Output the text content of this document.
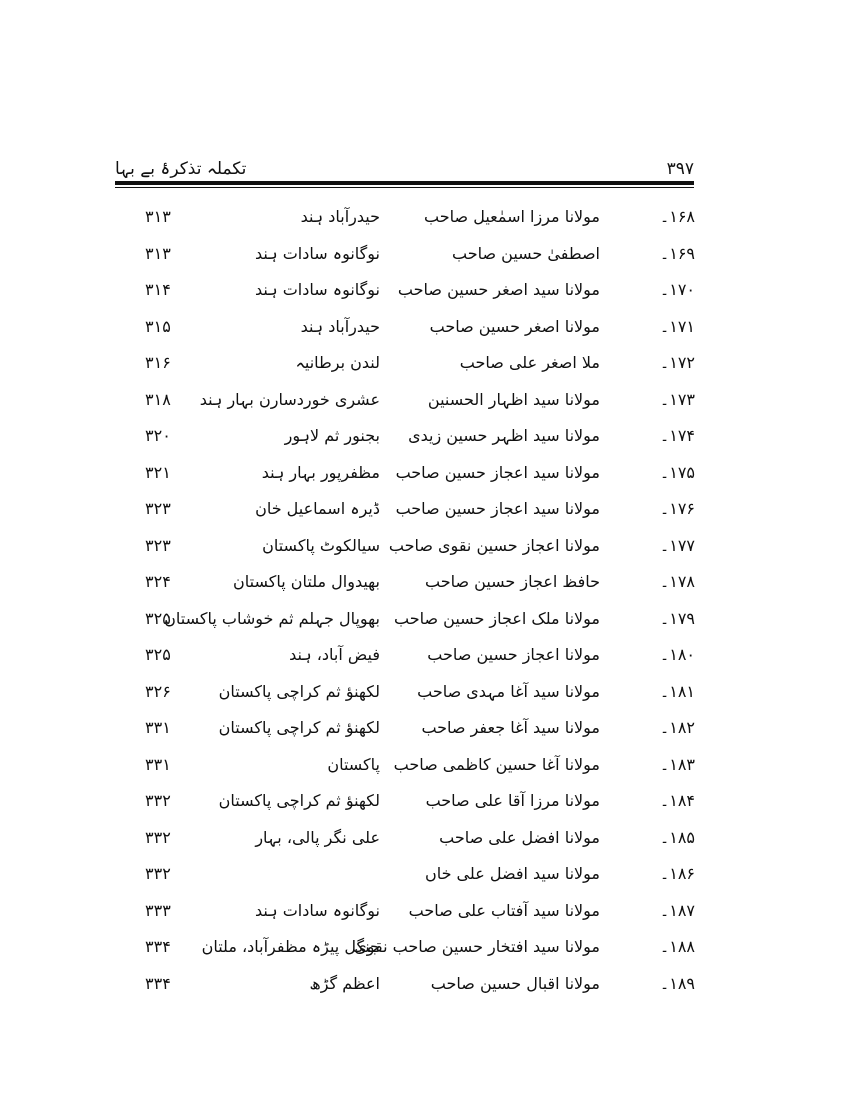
تکملہ تذکرۂ بے بہا	۳۹۷
۱۶۸۔
مولانا مرزا اسمٰعیل صاحب
حیدرآباد ہند
۳۱۳
۱۶۹۔
اصطفیٰ حسین صاحب
نوگانوہ سادات ہند
۳۱۳
۱۷۰۔
مولانا سید اصغر حسین صاحب
نوگانوہ سادات ہند
۳۱۴
۱۷۱۔
مولانا اصغر حسین صاحب
حیدرآباد ہند
۳۱۵
۱۷۲۔
ملا اصغر علی صاحب
لندن برطانیہ
۳۱۶
۱۷۳۔
مولانا سید اظہار الحسنین
عشری خوردسارن بہار ہند
۳۱۸
۱۷۴۔
مولانا سید اظہر حسین زیدی
بجنور ثم لاہور
۳۲۰
۱۷۵۔
مولانا سید اعجاز حسین صاحب
مظفرپور بہار ہند
۳۲۱
۱۷۶۔
مولانا سید اعجاز حسین صاحب
ڈیرہ اسماعیل خان
۳۲۳
۱۷۷۔
مولانا اعجاز حسین نقوی صاحب
سیالکوٹ پاکستان
۳۲۳
۱۷۸۔
حافظ اعجاز حسین صاحب
بھیدوال ملتان پاکستان
۳۲۴
۱۷۹۔
مولانا ملک اعجاز حسین صاحب
بھوپال جہلم ثم خوشاب پاکستان
۳۲۵
۱۸۰۔
مولانا اعجاز حسین صاحب
فیض آباد، ہند
۳۲۵
۱۸۱۔
مولانا سید آغا مہدی صاحب
لکھنؤ ثم کراچی پاکستان
۳۲۶
۱۸۲۔
مولانا سید آغا جعفر صاحب
لکھنؤ ثم کراچی پاکستان
۳۳۱
۱۸۳۔
مولانا آغا حسین کاظمی صاحب
پاکستان
۳۳۱
۱۸۴۔
مولانا مرزا آقا علی صاحب
لکھنؤ ثم کراچی پاکستان
۳۳۲
۱۸۵۔
مولانا افضل علی صاحب
علی نگر پالی، بہار
۳۳۲
۱۸۶۔
مولانا سید افضل علی خاں
۳۳۲
۱۸۷۔
مولانا سید آفتاب علی صاحب
نوگانوہ سادات ہند
۳۳۳
۱۸۸۔
مولانا سید افتخار حسین صاحب نقوی
جنگل پیڑہ مظفرآباد، ملتان
۳۳۴
۱۸۹۔
مولانا اقبال حسین صاحب
اعظم گڑھ
۳۳۴
